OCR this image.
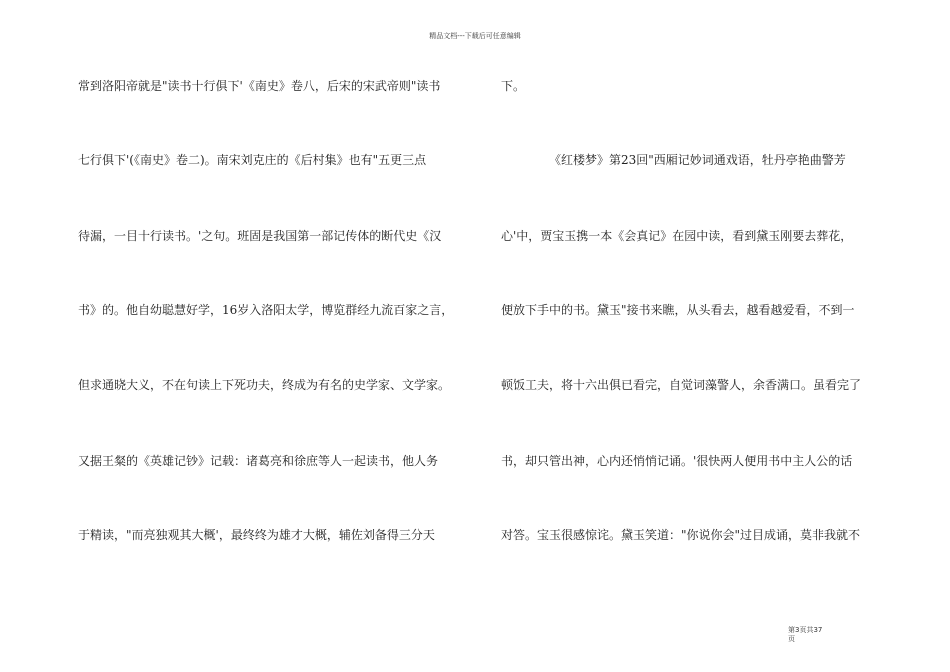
精品文档---下载后可任意编辑
常到洛阳帝就是"读书十行俱下'《南史》卷八，后宋的宋武帝则"读书
七行俱下'(《南史》卷二)。南宋刘克庄的《后村集》也有"五更三点
待漏，一目十行读书。'之句。班固是我国第一部记传体的断代史《汉
书》的。他自幼聪慧好学，16岁入洛阳太学，博览群经九流百家之言，
但求通晓大义，不在句读上下死功夫，终成为有名的史学家、文学家。
又据王粲的《英雄记钞》记载：诸葛亮和徐庶等人一起读书，他人务
于精读，"而亮独观其大概'，最终终为雄才大概，辅佐刘备得三分天
下。
《红楼梦》第23回"西厢记妙词通戏语，牡丹亭艳曲警芳
心'中，贾宝玉携一本《会真记》在园中读，看到黛玉刚要去葬花，
便放下手中的书。黛玉"接书来瞧，从头看去，越看越爱看，不到一
顿饭工夫，将十六出俱已看完，自觉词藻警人，余香满口。虽看完了
书，却只管出神，心内还悄悄记诵。'很快两人便用书中主人公的话
对答。宝玉很感惊诧。黛玉笑道："你说你会"过目成诵，莫非我就不
第3页共37
页
